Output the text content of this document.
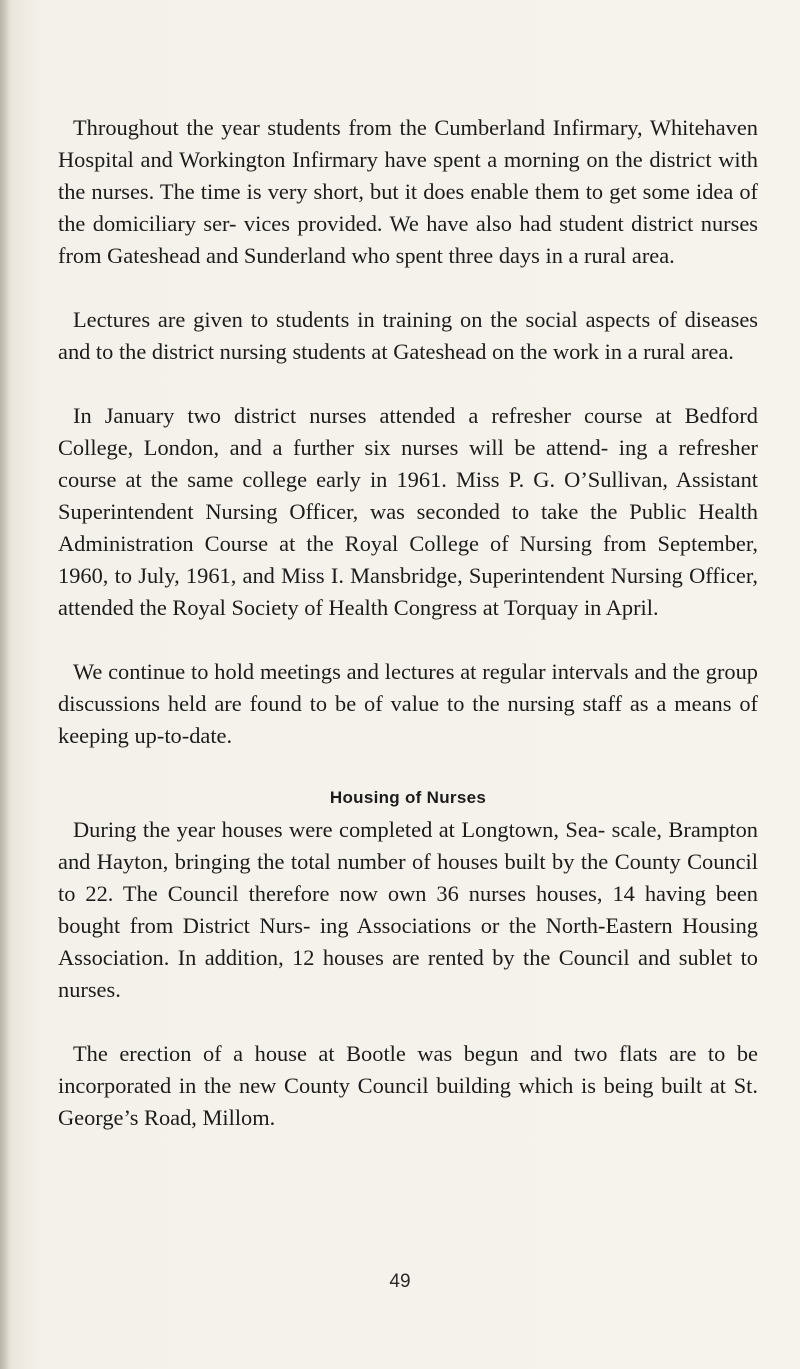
Throughout the year students from the Cumberland Infirmary, Whitehaven Hospital and Workington Infirmary have spent a morning on the district with the nurses. The time is very short, but it does enable them to get some idea of the domiciliary ser- vices provided. We have also had student district nurses from Gateshead and Sunderland who spent three days in a rural area.

Lectures are given to students in training on the social aspects of diseases and to the district nursing students at Gateshead on the work in a rural area.

In January two district nurses attended a refresher course at Bedford College, London, and a further six nurses will be attend- ing a refresher course at the same college early in 1961. Miss P. G. O’Sullivan, Assistant Superintendent Nursing Officer, was seconded to take the Public Health Administration Course at the Royal College of Nursing from September, 1960, to July, 1961, and Miss I. Mansbridge, Superintendent Nursing Officer, attended the Royal Society of Health Congress at Torquay in April.

We continue to hold meetings and lectures at regular intervals and the group discussions held are found to be of value to the nursing staff as a means of keeping up-to-date.

Housing of Nurses

During the year houses were completed at Longtown, Sea- scale, Brampton and Hayton, bringing the total number of houses built by the County Council to 22. The Council therefore now own 36 nurses houses, 14 having been bought from District Nurs- ing Associations or the North-Eastern Housing Association. In addition, 12 houses are rented by the Council and sublet to nurses.

The erection of a house at Bootle was begun and two flats are to be incorporated in the new County Council building which is being built at St. George’s Road, Millom.

49
